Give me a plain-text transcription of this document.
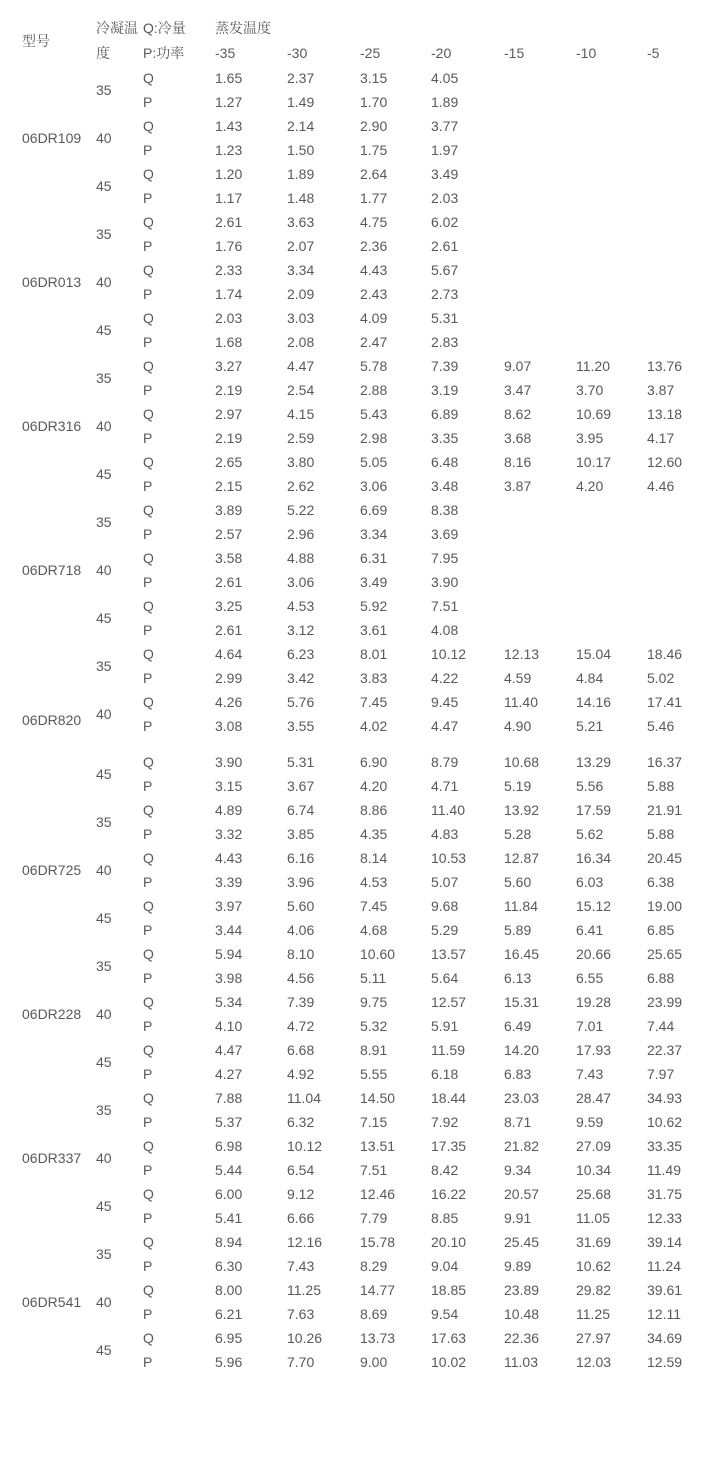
型号	冷凝温度	Q:冷量
P:功率	蒸发温度						
			-35	-30	-25	-20	-15	-10	-5
06DR109	35	Q	1.65	2.37	3.15	4.05			
		P	1.27	1.49	1.70	1.89			
	40	Q	1.43	2.14	2.90	3.77			
		P	1.23	1.50	1.75	1.97			
	45	Q	1.20	1.89	2.64	3.49			
		P	1.17	1.48	1.77	2.03			
06DR013	35	Q	2.61	3.63	4.75	6.02			
		P	1.76	2.07	2.36	2.61			
	40	Q	2.33	3.34	4.43	5.67			
		P	1.74	2.09	2.43	2.73			
	45	Q	2.03	3.03	4.09	5.31			
		P	1.68	2.08	2.47	2.83			
06DR316	35	Q	3.27	4.47	5.78	7.39	9.07	11.20	13.76
		P	2.19	2.54	2.88	3.19	3.47	3.70	3.87
	40	Q	2.97	4.15	5.43	6.89	8.62	10.69	13.18
		P	2.19	2.59	2.98	3.35	3.68	3.95	4.17
	45	Q	2.65	3.80	5.05	6.48	8.16	10.17	12.60
		P	2.15	2.62	3.06	3.48	3.87	4.20	4.46
06DR718	35	Q	3.89	5.22	6.69	8.38			
		P	2.57	2.96	3.34	3.69			
	40	Q	3.58	4.88	6.31	7.95			
		P	2.61	3.06	3.49	3.90			
	45	Q	3.25	4.53	5.92	7.51			
		P	2.61	3.12	3.61	4.08			
06DR820	35	Q	4.64	6.23	8.01	10.12	12.13	15.04	18.46
		P	2.99	3.42	3.83	4.22	4.59	4.84	5.02
	40	Q	4.26	5.76	7.45	9.45	11.40	14.16	17.41
		P	3.08	3.55	4.02	4.47	4.90	5.21	5.46
	45	Q	3.90	5.31	6.90	8.79	10.68	13.29	16.37
		P	3.15	3.67	4.20	4.71	5.19	5.56	5.88
06DR725	35	Q	4.89	6.74	8.86	11.40	13.92	17.59	21.91
		P	3.32	3.85	4.35	4.83	5.28	5.62	5.88
	40	Q	4.43	6.16	8.14	10.53	12.87	16.34	20.45
		P	3.39	3.96	4.53	5.07	5.60	6.03	6.38
	45	Q	3.97	5.60	7.45	9.68	11.84	15.12	19.00
		P	3.44	4.06	4.68	5.29	5.89	6.41	6.85
06DR228	35	Q	5.94	8.10	10.60	13.57	16.45	20.66	25.65
		P	3.98	4.56	5.11	5.64	6.13	6.55	6.88
	40	Q	5.34	7.39	9.75	12.57	15.31	19.28	23.99
		P	4.10	4.72	5.32	5.91	6.49	7.01	7.44
	45	Q	4.47	6.68	8.91	11.59	14.20	17.93	22.37
		P	4.27	4.92	5.55	6.18	6.83	7.43	7.97
06DR337	35	Q	7.88	11.04	14.50	18.44	23.03	28.47	34.93
		P	5.37	6.32	7.15	7.92	8.71	9.59	10.62
	40	Q	6.98	10.12	13.51	17.35	21.82	27.09	33.35
		P	5.44	6.54	7.51	8.42	9.34	10.34	11.49
	45	Q	6.00	9.12	12.46	16.22	20.57	25.68	31.75
		P	5.41	6.66	7.79	8.85	9.91	11.05	12.33
06DR541	35	Q	8.94	12.16	15.78	20.10	25.45	31.69	39.14
		P	6.30	7.43	8.29	9.04	9.89	10.62	11.24
	40	Q	8.00	11.25	14.77	18.85	23.89	29.82	39.61
		P	6.21	7.63	8.69	9.54	10.48	11.25	12.11
	45	Q	6.95	10.26	13.73	17.63	22.36	27.97	34.69
		P	5.96	7.70	9.00	10.02	11.03	12.03	12.59
